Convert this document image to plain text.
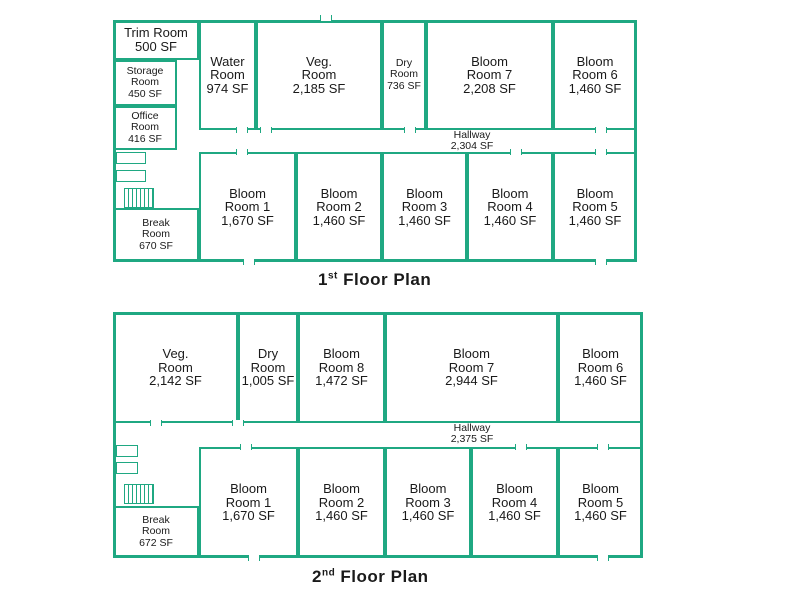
Trim Room
500 SF
Storage Room
450 SF
Office Room
416 SF
Break Room
670 SF
Water Room
974 SF
Veg. Room
2,185 SF
Dry Room
736 SF
Bloom Room 7
2,208 SF
Bloom Room 6
1,460 SF
Hallway
2,304 SF
Bloom Room 1
1,670 SF
Bloom Room 2
1,460 SF
Bloom Room 3
1,460 SF
Bloom Room 4
1,460 SF
Bloom Room 5
1,460 SF
1st Floor Plan
Veg. Room
2,142 SF
Dry Room
1,005 SF
Bloom Room 8
1,472 SF
Bloom Room 7
2,944 SF
Bloom Room 6
1,460 SF
Hallway
2,375 SF
Break Room
672 SF
Bloom Room 1
1,670 SF
Bloom Room 2
1,460 SF
Bloom Room 3
1,460 SF
Bloom Room 4
1,460 SF
Bloom Room 5
1,460 SF
2nd Floor Plan
